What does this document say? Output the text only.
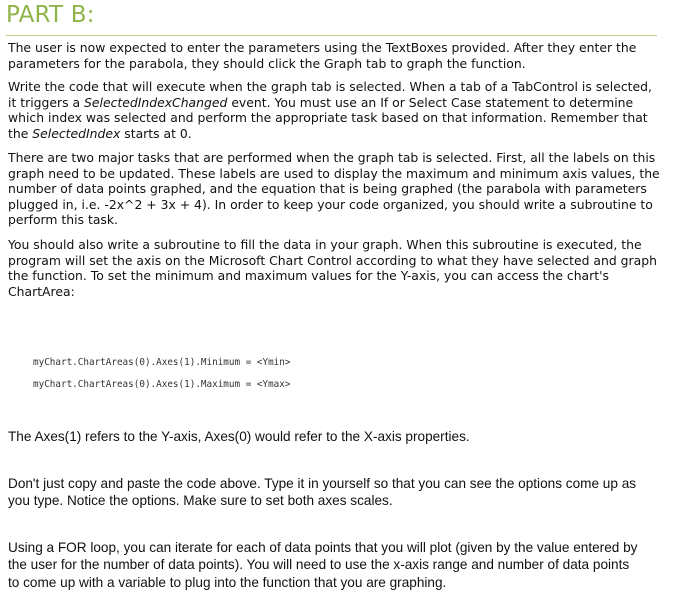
PART B:

The user is now expected to enter the parameters using the TextBoxes provided. After they enter the
parameters for the parabola, they should click the Graph tab to graph the function.

Write the code that will execute when the graph tab is selected. When a tab of a TabControl is selected,
it triggers a SelectedIndexChanged event. You must use an If or Select Case statement to determine
which index was selected and perform the appropriate task based on that information. Remember that
the SelectedIndex starts at 0.

There are two major tasks that are performed when the graph tab is selected. First, all the labels on this
graph need to be updated. These labels are used to display the maximum and minimum axis values, the
number of data points graphed, and the equation that is being graphed (the parabola with parameters
plugged in, i.e. -2x^2 + 3x + 4). In order to keep your code organized, you should write a subroutine to
perform this task.

You should also write a subroutine to fill the data in your graph. When this subroutine is executed, the
program will set the axis on the Microsoft Chart Control according to what they have selected and graph
the function. To set the minimum and maximum values for the Y-axis, you can access the chart's
ChartArea:

myChart.ChartAreas(0).Axes(1).Minimum = <Ymin>
myChart.ChartAreas(0).Axes(1).Maximum = <Ymax>

The Axes(1) refers to the Y-axis, Axes(0) would refer to the X-axis properties.

Don't just copy and paste the code above. Type it in yourself so that you can see the options come up as
you type. Notice the options. Make sure to set both axes scales.

Using a FOR loop, you can iterate for each of data points that you will plot (given by the value entered by
the user for the number of data points). You will need to use the x-axis range and number of data points
to come up with a variable to plug into the function that you are graphing.
